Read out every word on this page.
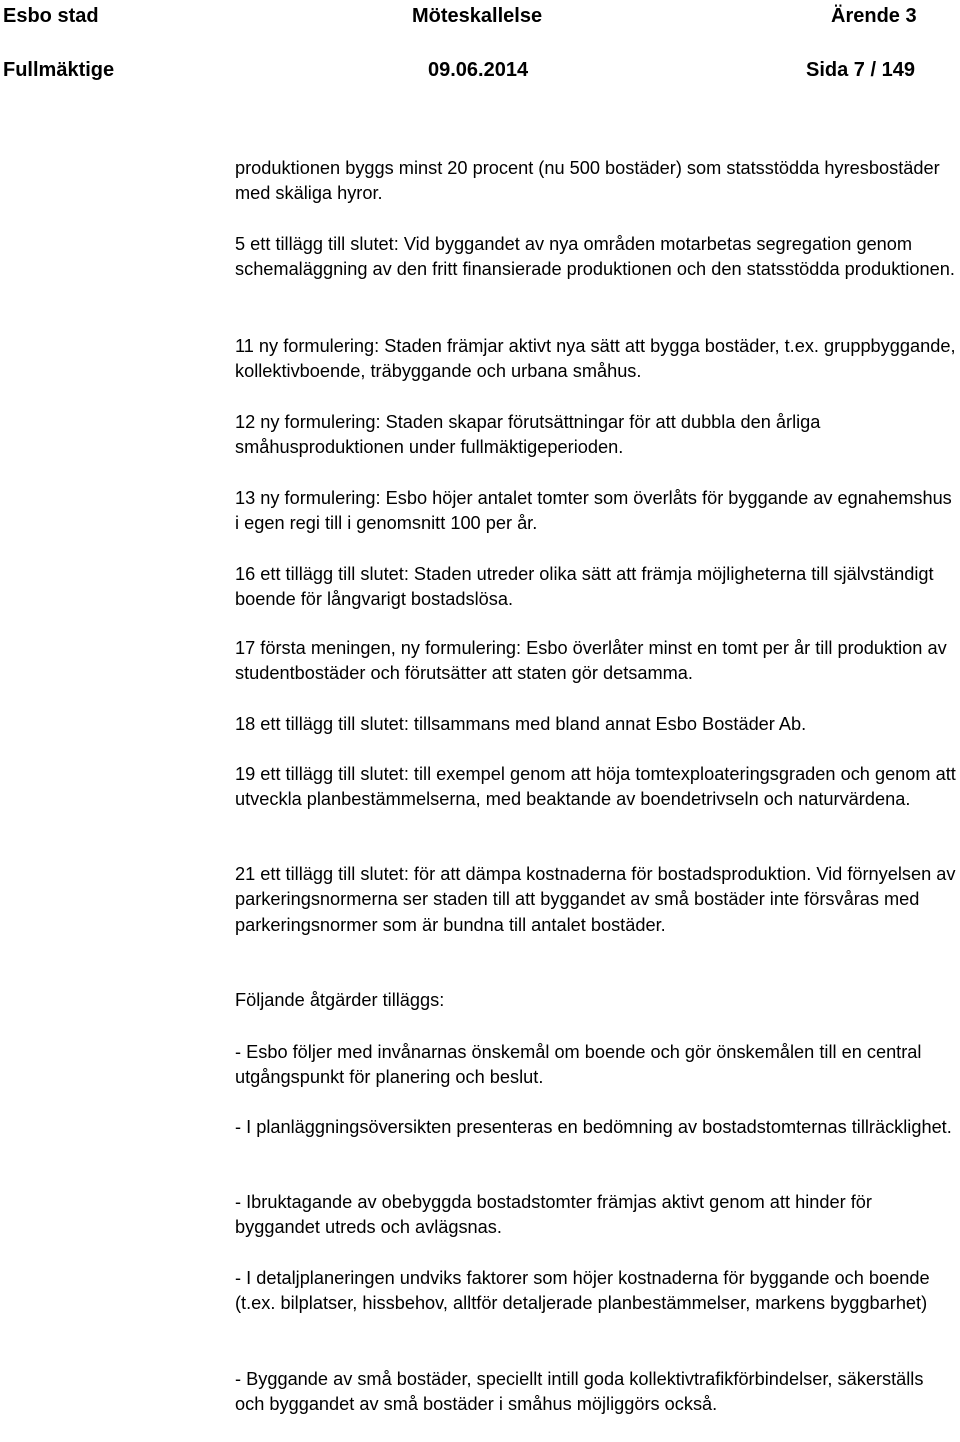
Esbo stad	Möteskallelse	Ärende 3
Fullmäktige	09.06.2014	Sida 7 / 149
produktionen byggs minst 20 procent (nu 500 bostäder) som statsstödda hyresbostäder med skäliga hyror.
5 ett tillägg till slutet: Vid byggandet av nya områden motarbetas segregation genom schemaläggning av den fritt finansierade produktionen och den statsstödda produktionen.
11 ny formulering: Staden främjar aktivt nya sätt att bygga bostäder, t.ex. gruppbyggande, kollektivboende, träbyggande och urbana småhus.
12 ny formulering: Staden skapar förutsättningar för att dubbla den årliga småhusproduktionen under fullmäktigeperioden.
13 ny formulering: Esbo höjer antalet tomter som överlåts för byggande av egnahemshus i egen regi till i genomsnitt 100 per år.
16 ett tillägg till slutet: Staden utreder olika sätt att främja möjligheterna till självständigt boende för långvarigt bostadslösa.
17 första meningen, ny formulering: Esbo överlåter minst en tomt per år till produktion av studentbostäder och förutsätter att staten gör detsamma.
18 ett tillägg till slutet: tillsammans med bland annat Esbo Bostäder Ab.
19 ett tillägg till slutet: till exempel genom att höja tomtexploateringsgraden och genom att utveckla planbestämmelserna, med beaktande av boendetrivseln och naturvärdena.
21 ett tillägg till slutet: för att dämpa kostnaderna för bostadsproduktion. Vid förnyelsen av parkeringsnormerna ser staden till att byggandet av små bostäder inte försvåras med parkeringsnormer som är bundna till antalet bostäder.
Följande åtgärder tilläggs:
- Esbo följer med invånarnas önskemål om boende och gör önskemålen till en central utgångspunkt för planering och beslut.
- I planläggningsöversikten presenteras en bedömning av bostadstomternas tillräcklighet.
- Ibruktagande av obebyggda bostadstomter främjas aktivt genom att hinder för byggandet utreds och avlägsnas.
- I detaljplaneringen undviks faktorer som höjer kostnaderna för byggande och boende (t.ex. bilplatser, hissbehov, alltför detaljerade planbestämmelser, markens byggbarhet)
- Byggande av små bostäder, speciellt intill goda kollektivtrafikförbindelser, säkerställs och byggandet av små bostäder i småhus möjliggörs också.
